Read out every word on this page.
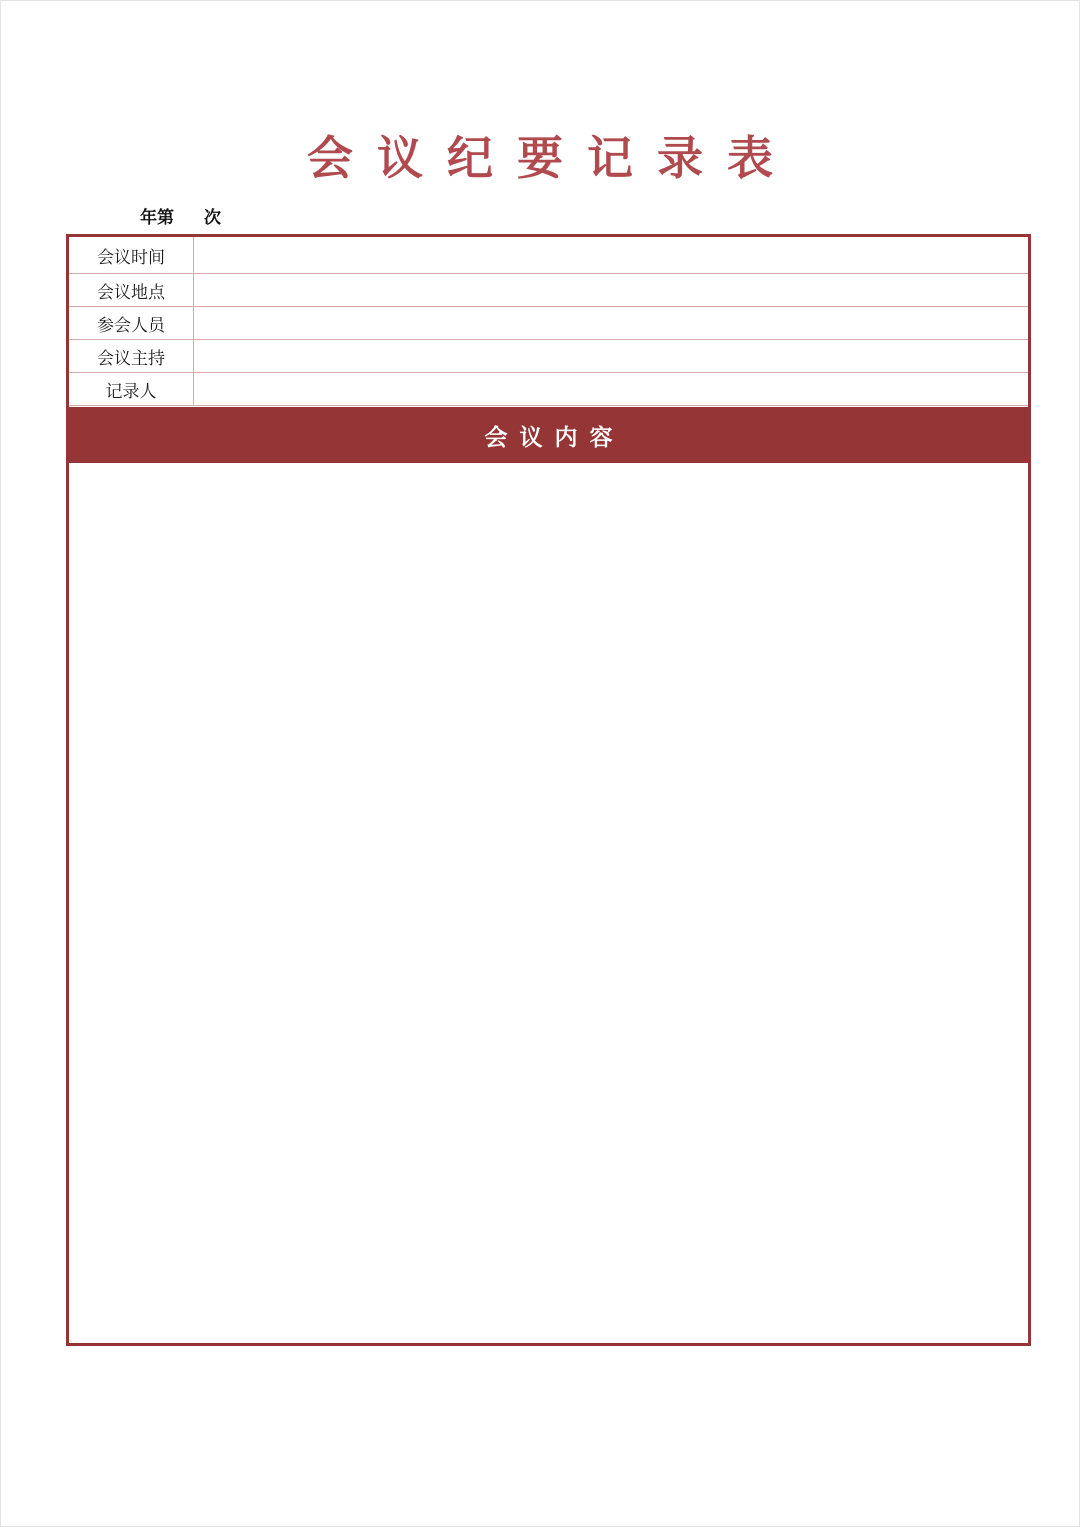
会议纪要记录表
年第 次
会议时间
会议地点
参会人员
会议主持
记录人
会议内容
